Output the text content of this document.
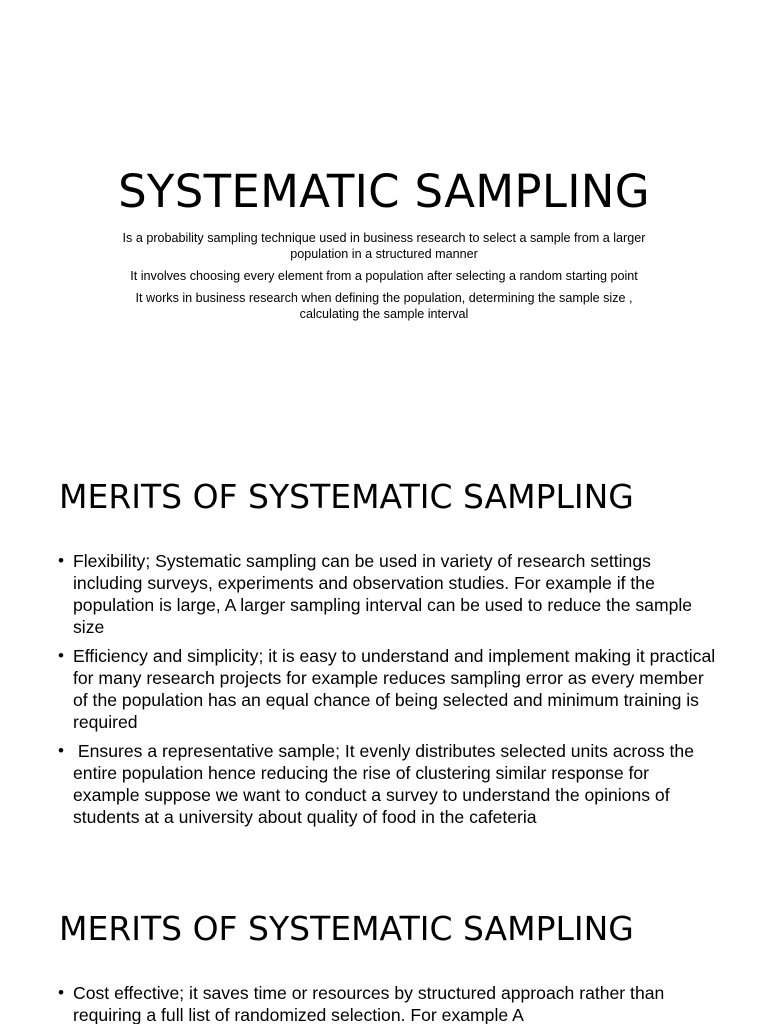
SYSTEMATIC SAMPLING

Is a probability sampling technique used in business research to select a sample from a larger population in a structured manner

It involves choosing every element from a population after selecting a random starting point

It works in business research when defining the population, determining the sample size , calculating the sample interval

MERITS OF SYSTEMATIC SAMPLING
• Flexibility; Systematic sampling can be used in variety of research settings including surveys, experiments and observation studies. For example if the population is large, A larger sampling interval can be used to reduce the sample size
• Efficiency and simplicity; it is easy to understand and implement making it practical for many research projects for example reduces sampling error as every member of the population has an equal chance of being selected and minimum training is required
• Ensures a representative sample; It evenly distributes selected units across the entire population hence reducing the rise of clustering similar response for example suppose we want to conduct a survey to understand the opinions of students at a university about quality of food in the cafeteria
MERITS OF SYSTEMATIC SAMPLING
• Cost effective; it saves time or resources by structured approach rather than requiring a full list of randomized selection. For example A
